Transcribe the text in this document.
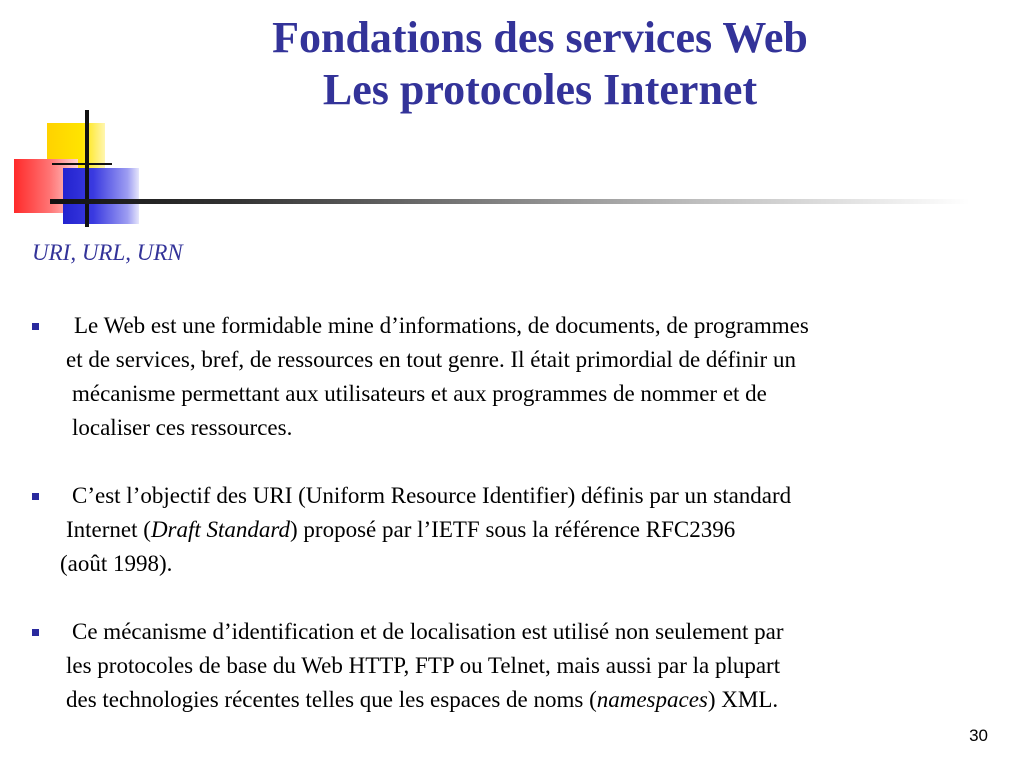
Fondations des services Web
Les protocoles Internet
URI, URL, URN
Le Web est une formidable mine d’informations, de documents, de programmes
et de services, bref, de ressources en tout genre. Il était primordial de définir un
mécanisme permettant aux utilisateurs et aux programmes de nommer et de
localiser ces ressources.
C’est l’objectif des URI (Uniform Resource Identifier) définis par un standard
Internet (Draft Standard) proposé par l’IETF sous la référence RFC2396
(août 1998).
Ce mécanisme d’identification et de localisation est utilisé non seulement par
les protocoles de base du Web HTTP, FTP ou Telnet, mais aussi par la plupart
des technologies récentes telles que les espaces de noms (namespaces) XML.
30
